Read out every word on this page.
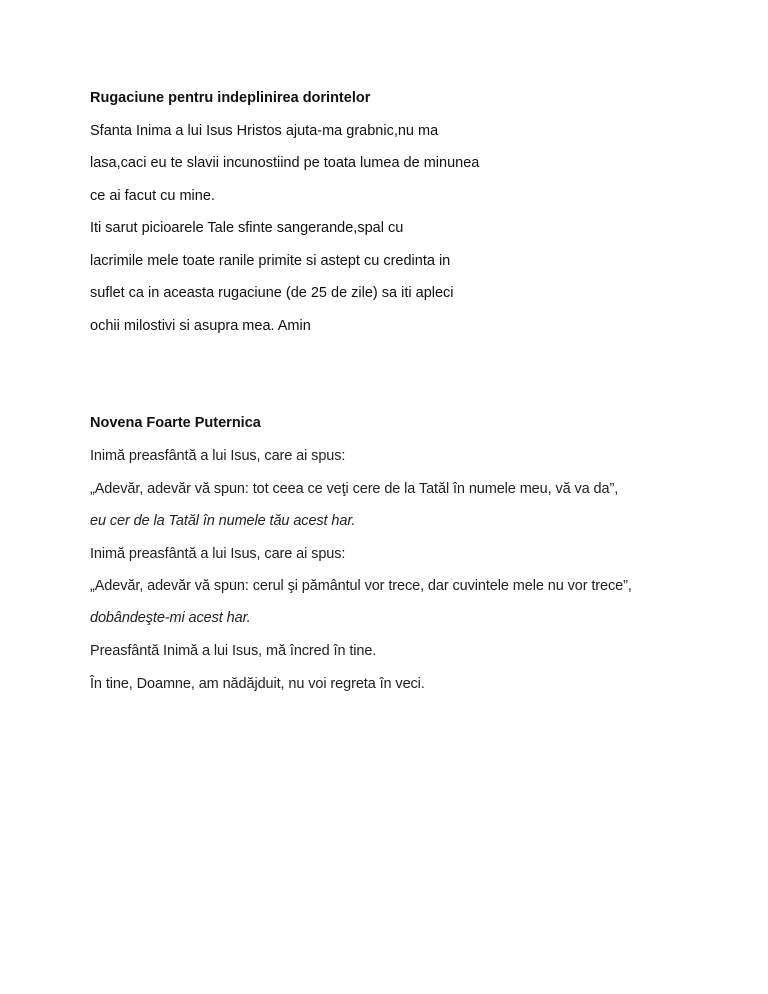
Rugaciune pentru indeplinirea dorintelor
Sfanta Inima a lui Isus Hristos ajuta-ma grabnic,nu ma
lasa,caci eu te slavii incunostiind pe toata lumea de minunea
ce ai facut cu mine.
Iti sarut picioarele Tale sfinte sangerande,spal cu
lacrimile mele toate ranile primite si astept cu credinta in
suflet ca in aceasta rugaciune (de 25 de zile) sa iti apleci
ochii milostivi si asupra mea. Amin
Novena Foarte Puternica
Inimă preasfântă a lui Isus, care ai spus:
„Adevăr, adevăr vă spun: tot ceea ce veţi cere de la Tatăl în numele meu, vă va da”,
eu cer de la Tatăl în numele tău acest har.
Inimă preasfântă a lui Isus, care ai spus:
„Adevăr, adevăr vă spun: cerul şi pământul vor trece, dar cuvintele mele nu vor trece”,
dobândeşte-mi acest har.
Preasfântă Inimă a lui Isus, mă încred în tine.
În tine, Doamne, am nădăjduit, nu voi regreta în veci.
